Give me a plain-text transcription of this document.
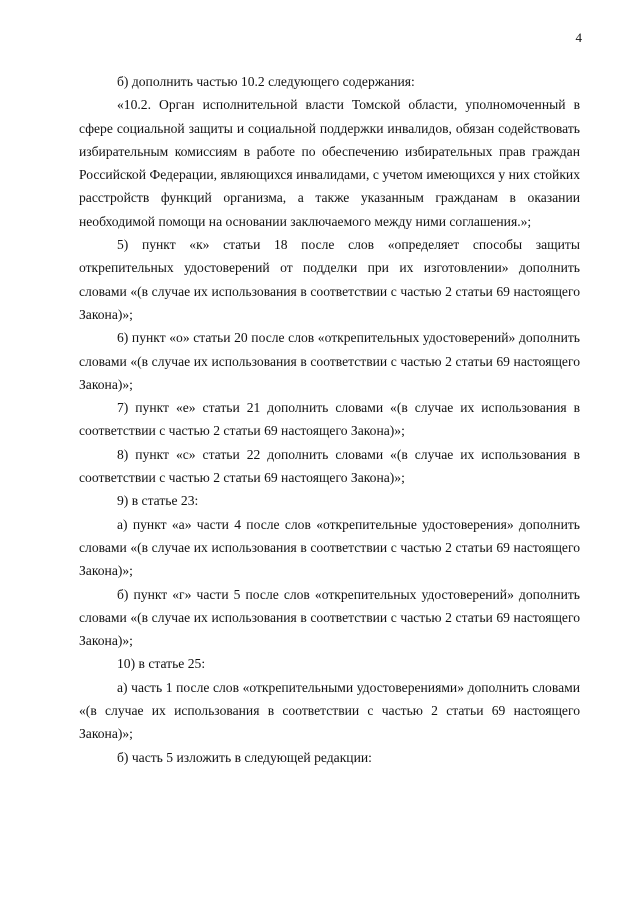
4

б) дополнить частью 10.2 следующего содержания:

«10.2. Орган исполнительной власти Томской области, уполномоченный в сфере социальной защиты и социальной поддержки инвалидов, обязан содействовать избирательным комиссиям в работе по обеспечению избирательных прав граждан Российской Федерации, являющихся инвалидами, с учетом имеющихся у них стойких расстройств функций организма, а также указанным гражданам в оказании необходимой помощи на основании заключаемого между ними соглашения.»;

5) пункт «к» статьи 18 после слов «определяет способы защиты открепительных удостоверений от подделки при их изготовлении» дополнить словами «(в случае их использования в соответствии с частью 2 статьи 69 настоящего Закона)»;

6) пункт «о» статьи 20 после слов «открепительных удостоверений» дополнить словами «(в случае их использования в соответствии с частью 2 статьи 69 настоящего Закона)»;

7) пункт «е» статьи 21 дополнить словами «(в случае их использования в соответствии с частью 2 статьи 69 настоящего Закона)»;

8) пункт «с» статьи 22 дополнить словами «(в случае их использования в соответствии с частью 2 статьи 69 настоящего Закона)»;

9) в статье 23:

а) пункт «а» части 4 после слов «открепительные удостоверения» дополнить словами «(в случае их использования в соответствии с частью 2 статьи 69 настоящего Закона)»;

б) пункт «г» части 5 после слов «открепительных удостоверений» дополнить словами «(в случае их использования в соответствии с частью 2 статьи 69 настоящего Закона)»;

10) в статье 25:

а) часть 1 после слов «открепительными удостоверениями» дополнить словами «(в случае их использования в соответствии с частью 2 статьи 69 настоящего Закона)»;

б) часть 5 изложить в следующей редакции:
